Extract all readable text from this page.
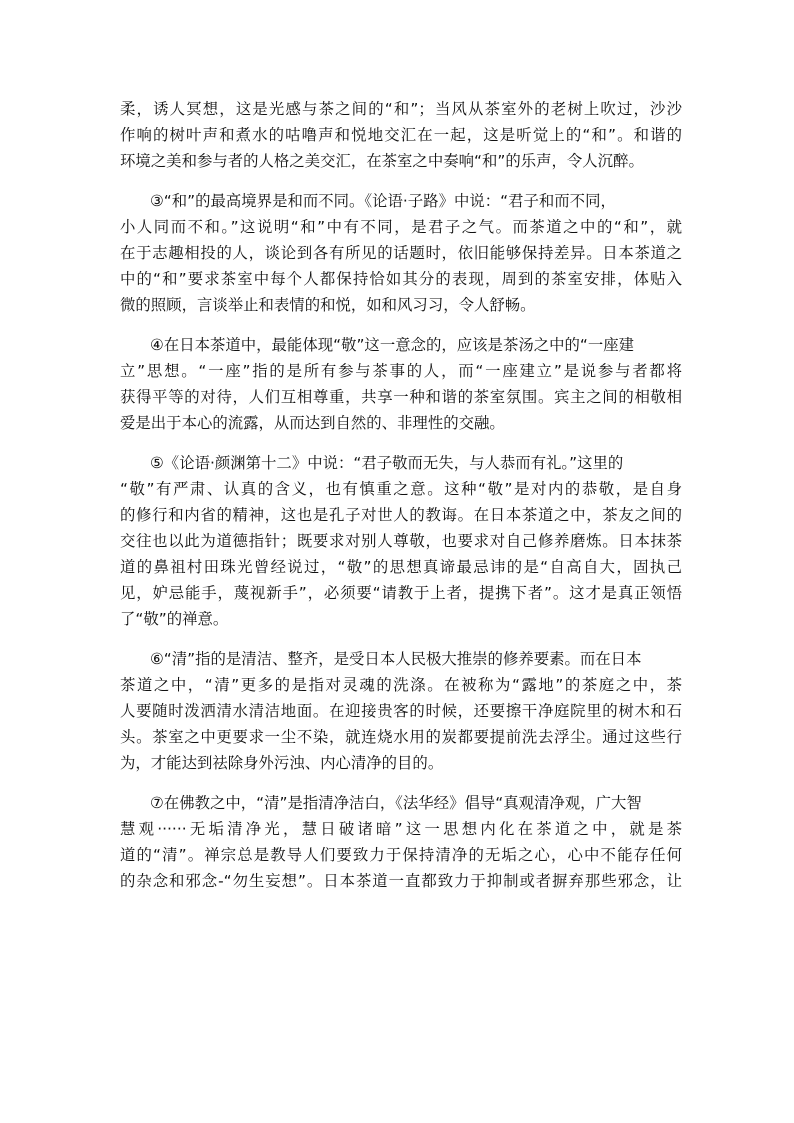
柔，诱人冥想，这是光感与茶之间的“和”；当风从茶室外的老树上吹过，沙沙
作响的树叶声和煮水的咕噜声和悦地交汇在一起，这是听觉上的“和”。和谐的
环境之美和参与者的人格之美交汇，在茶室之中奏响“和”的乐声，令人沉醉。
③“和”的最高境界是和而不同。《论语·子路》中说：“君子和而不同，
小人同而不和。”这说明“和”中有不同，是君子之气。而茶道之中的“和”，就
在于志趣相投的人，谈论到各有所见的话题时，依旧能够保持差异。日本茶道之
中的“和”要求茶室中每个人都保持恰如其分的表现，周到的茶室安排，体贴入
微的照顾，言谈举止和表情的和悦，如和风习习，令人舒畅。
④在日本茶道中，最能体现“敬”这一意念的，应该是茶汤之中的“一座建
立”思想。“一座”指的是所有参与茶事的人，而“一座建立”是说参与者都将
获得平等的对待，人们互相尊重，共享一种和谐的茶室氛围。宾主之间的相敬相
爱是出于本心的流露，从而达到自然的、非理性的交融。
⑤《论语·颜渊第十二》中说：“君子敬而无失，与人恭而有礼。”这里的
“敬”有严肃、认真的含义，也有慎重之意。这种“敬”是对内的恭敬，是自身
的修行和内省的精神，这也是孔子对世人的教诲。在日本茶道之中，茶友之间的
交往也以此为道德指针；既要求对别人尊敬，也要求对自己修养磨炼。日本抹茶
道的鼻祖村田珠光曾经说过，“敬”的思想真谛最忌讳的是“自高自大，固执己
见，妒忌能手，蔑视新手”，必须要“请教于上者，提携下者”。这才是真正领悟
了“敬”的禅意。
⑥“清”指的是清洁、整齐，是受日本人民极大推崇的修养要素。而在日本
茶道之中，“清”更多的是指对灵魂的洗涤。在被称为“露地”的茶庭之中，茶
人要随时泼洒清水清洁地面。在迎接贵客的时候，还要擦干净庭院里的树木和石
头。茶室之中更要求一尘不染，就连烧水用的炭都要提前洗去浮尘。通过这些行
为，才能达到祛除身外污浊、内心清净的目的。
⑦在佛教之中，“清”是指清净洁白，《法华经》倡导“真观清净观，广大智
慧观······无垢清净光，慧日破诸暗”这一思想内化在茶道之中，就是茶
道的“清”。禅宗总是教导人们要致力于保持清净的无垢之心，心中不能存任何
的杂念和邪念-“勿生妄想”。日本茶道一直都致力于抑制或者摒弃那些邪念，让
